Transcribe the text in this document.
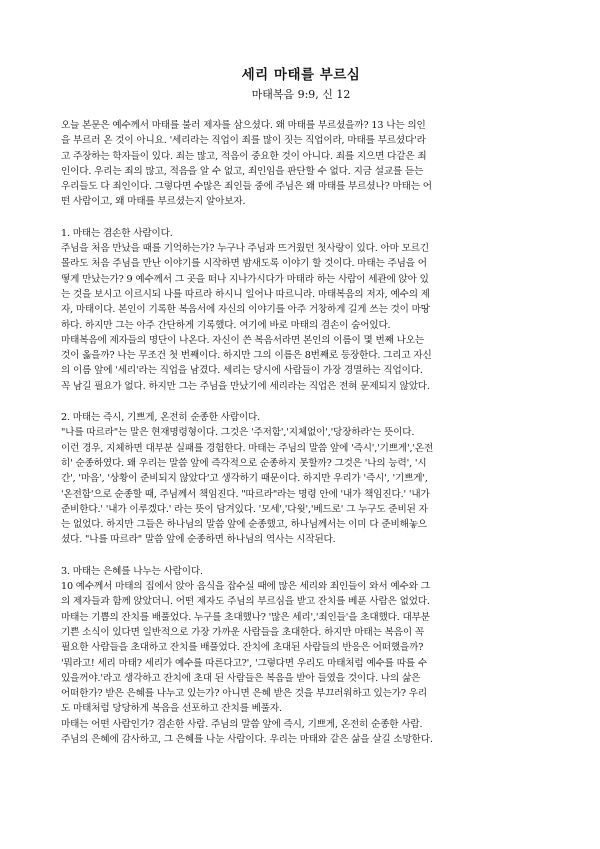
세리 마태를 부르심

마태복음 9:9, 신 12

오늘 본문은 예수께서 마태를 불러 제자를 삼으셨다. 왜 마태를 부르셨을까? 13 나는 의인
을 부르러 온 것이 아니요. '세리라는 직업이 죄를 많이 짓는 직업이라, 마태를 부르셨다'라
고 주장하는 학자들이 있다. 죄는 많고, 적음이 중요한 것이 아니다. 죄를 지으면 다같은 죄
인이다. 우리는 죄의 많고, 적음을 알 수 없고, 죄인임을 판단할 수 없다. 지금 설교를 듣는
우리들도 다 죄인이다. 그렇다면 수많은 죄인들 중에 주님은 왜 마태를 부르셨나? 마태는 어
떤 사람이고, 왜 마태를 부르셨는지 알아보자.
1. 마태는 겸손한 사람이다.
주님을 처음 만났을 때를 기억하는가? 누구나 주님과 뜨거웠던 첫사랑이 있다. 아마 모르긴
몰라도 처음 주님을 만난 이야기를 시작하면 밤새도록 이야기 할 것이다. 마태는 주님을 어
떻게 만났는가? 9 예수께서 그 곳을 떠나 지나가시다가 마태라 하는 사람이 세관에 앉아 있
는 것을 보시고 이르시되 나를 따르라 하시니 일어나 따르니라. 마태복음의 저자, 예수의 제
자, 마태이다. 본인이 기록한 복음서에 자신의 이야기를 아주 거창하게 길게 쓰는 것이 마땅
하다. 하지만 그는 아주 간단하게 기록했다. 여기에 바로 마태의 겸손이 숨어있다.
마태복음에 제자들의 명단이 나온다. 자신이 쓴 복음서라면 본인의 이름이 몇 번째 나오는
것이 옳을까? 나는 무조건 첫 번째이다. 하지만 그의 이름은 8번째로 등장한다. 그리고 자신
의 이름 앞에 '세리'라는 직업을 남겼다. 세리는 당시에 사람들이 가장 경멸하는 직업이다.
꼭 남길 필요가 없다. 하지만 그는 주님을 만났기에 세리라는 직업은 전혀 문제되지 않았다.
2. 마태는 즉시, 기쁘게, 온전히 순종한 사람이다.
"나를 따르라"는 말은 현재명령형이다. 그것은 '주저함','지체없이','당장하라'는 뜻이다.
이런 경우, 지체하면 대부분 실패를 경험한다. 마태는 주님의 말씀 앞에 '즉시','기쁘게','온전
히' 순종하였다. 왜 우리는 말씀 앞에 즉각적으로 순종하지 못할까? 그것은 '나의 능력', '시
간', '마음', '상황이 준비되지 않았다'고 생각하기 때문이다. 하지만 우리가 '즉시', '기쁘게',
'온전함'으로 순종할 때, 주님께서 책임진다. "따르라"라는 명령 안에 '내가 책임진다.' '내가
준비한다.' '내가 이루겠다.' 라는 뜻이 담겨있다. '모세','다윗','베드로' 그 누구도 준비된 자
는 없었다. 하지만 그들은 하나님의 말씀 앞에 순종했고, 하나님께서는 이미 다 준비해놓으
셨다. "나를 따르라" 말씀 앞에 순종하면 하나님의 역사는 시작된다.
3. 마태는 은혜를 나누는 사람이다.
10 예수께서 마태의 집에서 앉아 음식을 잡수실 때에 많은 세리와 죄인들이 와서 예수와 그
의 제자들과 함께 앉았더니. 어떤 제자도 주님의 부르심을 받고 잔치를 베푼 사람은 없었다.
마태는 기쁨의 잔치를 배풀었다. 누구를 초대했나? '많은 세리','죄인들'을 초대했다. 대부분
기쁜 소식이 있다면 일반적으로 가장 가까운 사람들을 초대한다. 하지만 마태는 복음이 꼭
필요한 사람들을 초대하고 잔치를 배풀었다. 잔치에 초대된 사람들의 반응은 어떠했을까?
'뭐라고! 세리 마태? 세리가 예수를 따른다고?', '그렇다면 우리도 마태처럼 예수를 따를 수
있을꺼야.'라고 생각하고 잔치에 초대 된 사람들은 복음을 받아 들였을 것이다. 나의 삶은
어떠한가? 받은 은혜를 나누고 있는가? 아니면 은혜 받은 것을 부끄러워하고 있는가? 우리
도 마태처럼 당당하게 복음을 선포하고 잔치를 베풀자.
마태는 어떤 사람인가? 겸손한 사람. 주님의 말씀 앞에 즉시, 기쁘게, 온전히 순종한 사람.
주님의 은혜에 감사하고, 그 은혜를 나눈 사람이다. 우리는 마태와 같은 삶을 살길 소망한다.
